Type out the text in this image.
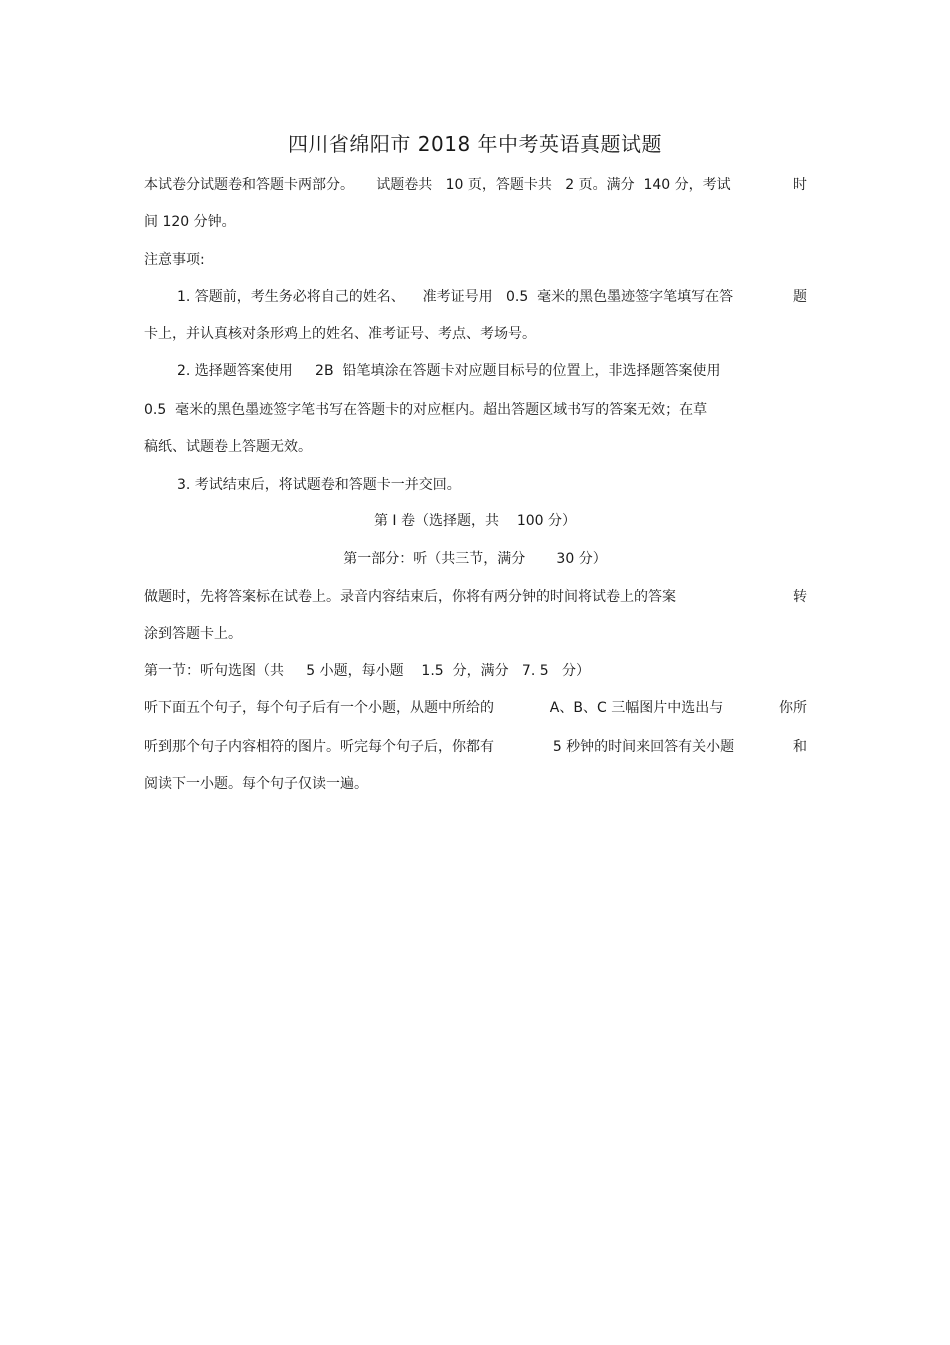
四川省绵阳市 2018 年中考英语真题试题
本试卷分试题卷和答题卡两部分。     试题卷共   10 页，答题卡共   2 页。满分  140 分，考试	时
间 120 分钟。
注意事项:
1. 答题前，考生务必将自己的姓名、    准考证号用   0.5  毫米的黑色墨迹签字笔填写在答	题
卡上，并认真核对条形鸡上的姓名、准考证号、考点、考场号。
2. 选择题答案使用     2B  铅笔填涂在答题卡对应题目标号的位置上，非选择题答案使用
0.5  毫米的黑色墨迹签字笔书写在答题卡的对应框内。超出答题区域书写的答案无效；在草
稿纸、试题卷上答题无效。
3. 考试结束后，将试题卷和答题卡一并交回。
第 Ⅰ 卷（选择题，共    100 分）
第一部分：听（共三节，满分       30 分）
做题时，先将答案标在试卷上。录音内容结束后，你将有两分钟的时间将试卷上的答案	转
涂到答题卡上。
第一节：听句选图（共     5 小题，每小题    1.5  分，满分   7. 5   分）
听下面五个句子，每个句子后有一个小题，从题中所给的	A、B、C 三幅图片中选出与	你所
听到那个句子内容相符的图片。听完每个句子后，你都有	5 秒钟的时间来回答有关小题	和
阅读下一小题。每个句子仅读一遍。
